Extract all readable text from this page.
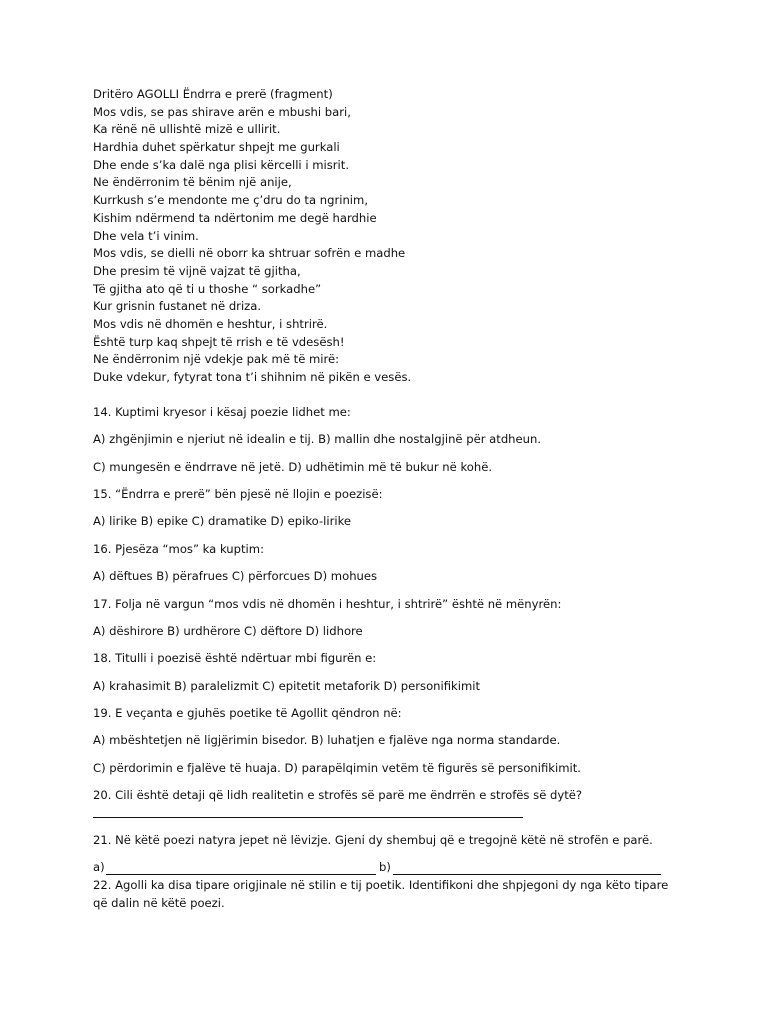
Dritëro AGOLLI Ëndrra e prerë (fragment)
Mos vdis, se pas shirave arën e mbushi bari,
Ka rënë në ullishtë mizë e ullirit.
Hardhia duhet spërkatur shpejt me gurkali
Dhe ende s’ka dalë nga plisi kërcelli i misrit.
Ne ëndërronim të bënim një anije,
Kurrkush s’e mendonte me ç’dru do ta ngrinim,
Kishim ndërmend ta ndërtonim me degë hardhie
Dhe vela t’i vinim.
Mos vdis, se dielli në oborr ka shtruar sofrën e madhe
Dhe presim të vijnë vajzat të gjitha,
Të gjitha ato që ti u thoshe “ sorkadhe”
Kur grisnin fustanet në driza.
Mos vdis në dhomën e heshtur, i shtrirë.
Është turp kaq shpejt të rrish e të vdesësh!
Ne ëndërronim një vdekje pak më të mirë:
Duke vdekur, fytyrat tona t’i shihnim në pikën e vesës.
14. Kuptimi kryesor i kësaj poezie lidhet me:
A) zhgënjimin e njeriut në idealin e tij. B) mallin dhe nostalgjinë për atdheun.
C) mungesën e ëndrrave në jetë. D) udhëtimin më të bukur në kohë.
15. “Ëndrra e prerë” bën pjesë në llojin e poezisë:
A) lirike B) epike C) dramatike D) epiko-lirike
16. Pjesëza “mos” ka kuptim:
A) dëftues B) përafrues C) përforcues D) mohues
17. Folja në vargun “mos vdis në dhomën i heshtur, i shtrirë” është në mënyrën:
A) dëshirore B) urdhërore C) dëftore D) lidhore
18. Titulli i poezisë është ndërtuar mbi figurën e:
A) krahasimit B) paralelizmit C) epitetit metaforik D) personifikimit
19. E veçanta e gjuhës poetike të Agollit qëndron në:
A) mbështetjen në ligjërimin bisedor. B) luhatjen e fjalëve nga norma standarde.
C) përdorimin e fjalëve të huaja. D) parapëlqimin vetëm të figurës së personifikimit.
20. Cili është detaji që lidh realitetin e strofës së parë me ëndrrën e strofës së dytë?
21. Në këtë poezi natyra jepet në lëvizje. Gjeni dy shembuj që e tregojnë këtë në strofën e parë.
a)	b)
22. Agolli ka disa tipare origjinale në stilin e tij poetik. Identifikoni dhe shpjegoni dy nga këto tipare që dalin në këtë poezi.
